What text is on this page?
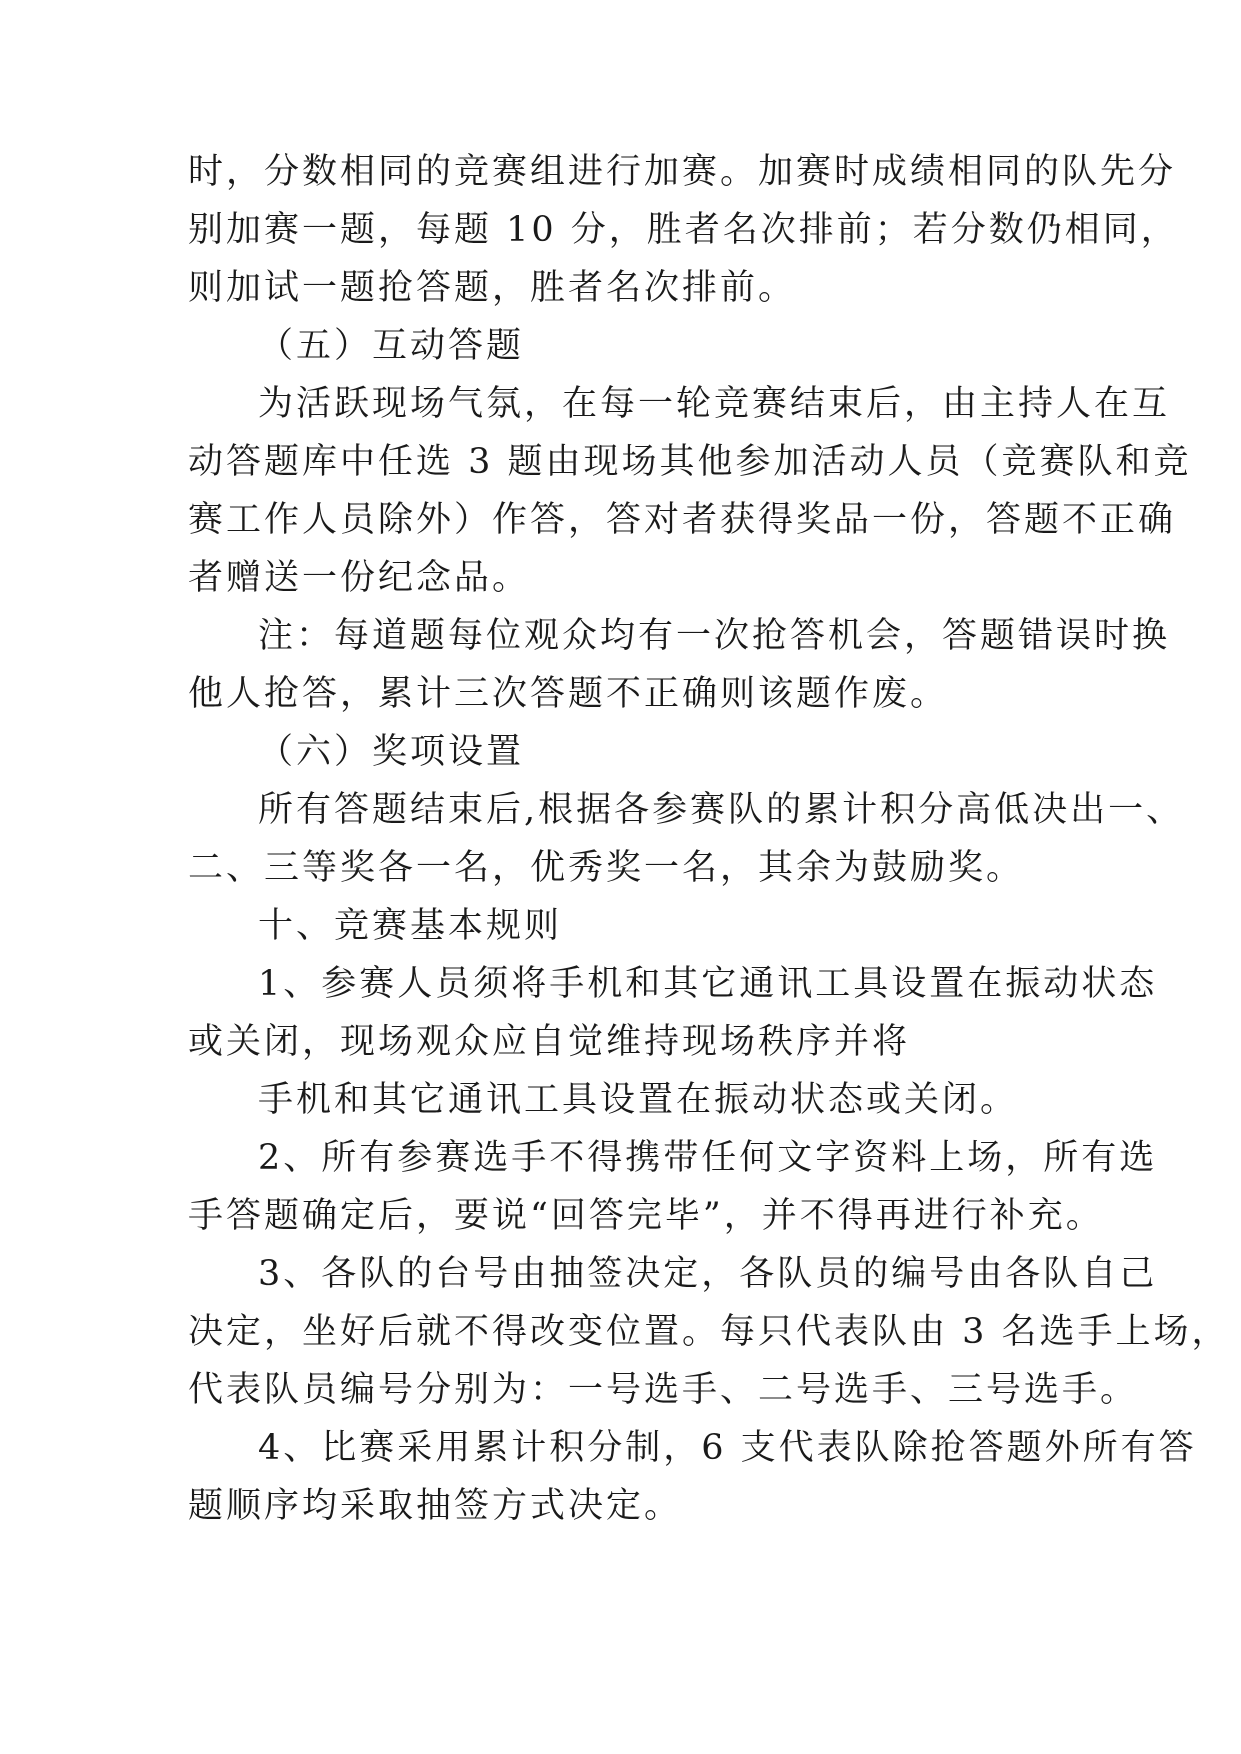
时，分数相同的竞赛组进行加赛。加赛时成绩相同的队先分
别加赛一题，每题 10 分，胜者名次排前；若分数仍相同，
则加试一题抢答题，胜者名次排前。
（五）互动答题
为活跃现场气氛，在每一轮竞赛结束后，由主持人在互
动答题库中任选 3 题由现场其他参加活动人员（竞赛队和竞
赛工作人员除外）作答，答对者获得奖品一份，答题不正确
者赠送一份纪念品。
注：每道题每位观众均有一次抢答机会，答题错误时换
他人抢答，累计三次答题不正确则该题作废。
（六）奖项设置
所有答题结束后,根据各参赛队的累计积分高低决出一、
二、三等奖各一名，优秀奖一名，其余为鼓励奖。
十、竞赛基本规则
1、参赛人员须将手机和其它通讯工具设置在振动状态
或关闭，现场观众应自觉维持现场秩序并将
手机和其它通讯工具设置在振动状态或关闭。
2、所有参赛选手不得携带任何文字资料上场，所有选
手答题确定后，要说“回答完毕”，并不得再进行补充。
3、各队的台号由抽签决定，各队员的编号由各队自己
决定，坐好后就不得改变位置。每只代表队由 3 名选手上场，
代表队员编号分别为：一号选手、二号选手、三号选手。
4、比赛采用累计积分制，6 支代表队除抢答题外所有答
题顺序均采取抽签方式决定。
